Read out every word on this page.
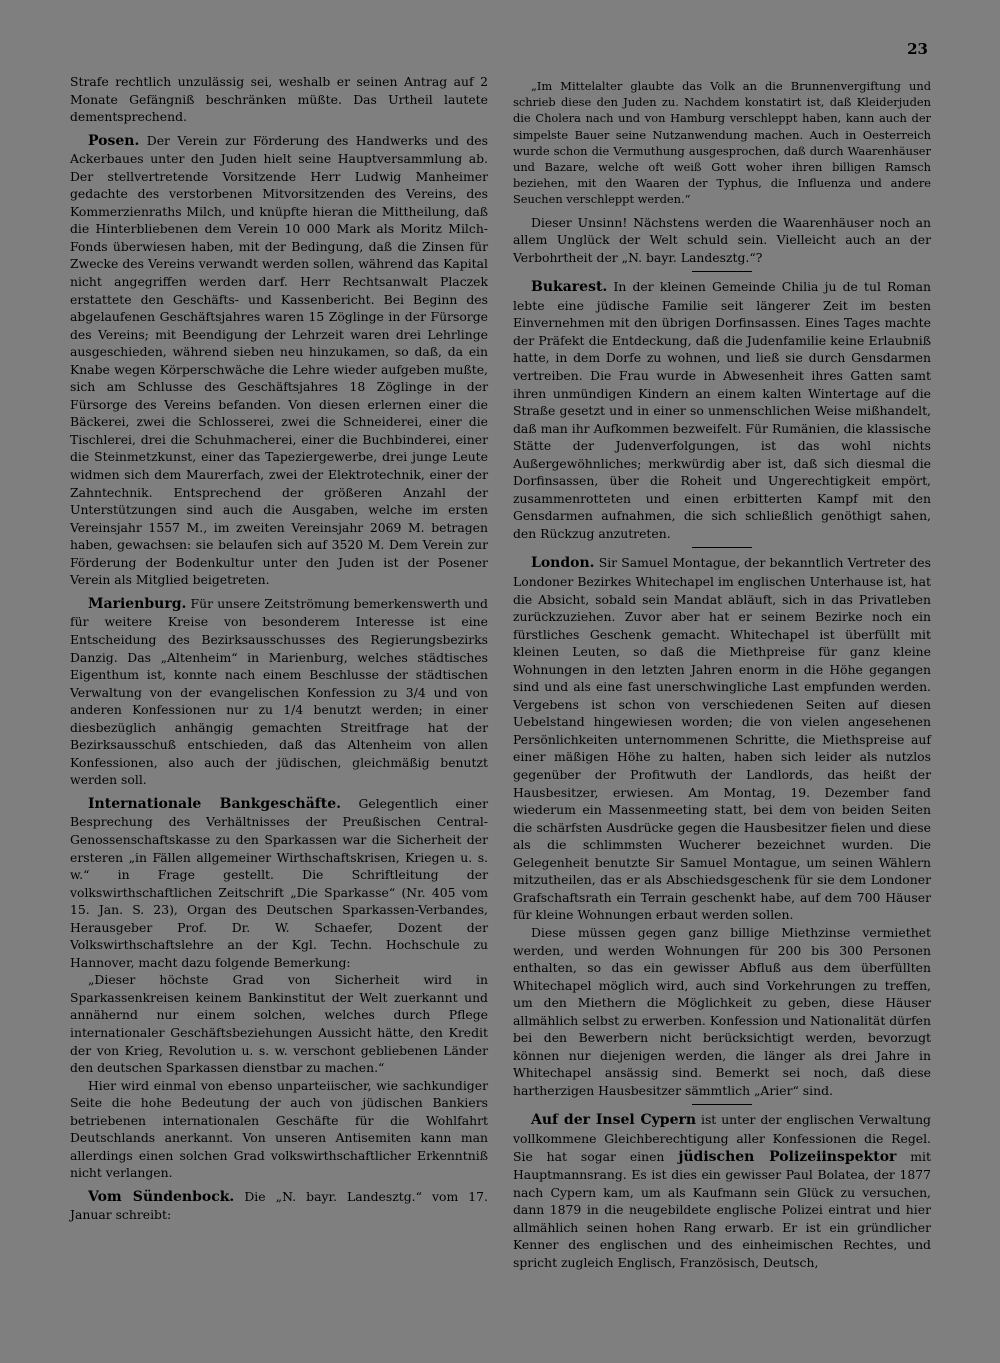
23

Strafe rechtlich unzulässig sei, weshalb er seinen Antrag auf 2 Monate Gefängniß beschränken müßte. Das Urtheil lautete dementsprechend.

Posen. Der Verein zur Förderung des Handwerks und des Ackerbaues unter den Juden hielt seine Hauptversammlung ab. Der stellvertretende Vorsitzende Herr Ludwig Manheimer gedachte des verstorbenen Mitvorsitzenden des Vereins, des Kommerzienraths Milch, und knüpfte hieran die Mittheilung, daß die Hinterbliebenen dem Verein 10 000 Mark als Moritz Milch-Fonds überwiesen haben, mit der Bedingung, daß die Zinsen für Zwecke des Vereins verwandt werden sollen, während das Kapital nicht angegriffen werden darf. Herr Rechtsanwalt Placzek erstattete den Geschäfts- und Kassenbericht. Bei Beginn des abgelaufenen Geschäftsjahres waren 15 Zöglinge in der Fürsorge des Vereins; mit Beendigung der Lehrzeit waren drei Lehrlinge ausgeschieden, während sieben neu hinzukamen, so daß, da ein Knabe wegen Körperschwäche die Lehre wieder aufgeben mußte, sich am Schlusse des Geschäftsjahres 18 Zöglinge in der Fürsorge des Vereins befanden. Von diesen erlernen einer die Bäckerei, zwei die Schlosserei, zwei die Schneiderei, einer die Tischlerei, drei die Schuhmacherei, einer die Buchbinderei, einer die Steinmetzkunst, einer das Tapeziergewerbe, drei junge Leute widmen sich dem Maurerfach, zwei der Elektrotechnik, einer der Zahntechnik. Entsprechend der größeren Anzahl der Unterstützungen sind auch die Ausgaben, welche im ersten Vereinsjahr 1557 M., im zweiten Vereinsjahr 2069 M. betragen haben, gewachsen: sie belaufen sich auf 3520 M. Dem Verein zur Förderung der Bodenkultur unter den Juden ist der Posener Verein als Mitglied beigetreten.

Marienburg. Für unsere Zeitströmung bemerkenswerth und für weitere Kreise von besonderem Interesse ist eine Entscheidung des Bezirksausschusses des Regierungsbezirks Danzig. Das „Altenheim“ in Marienburg, welches städtisches Eigenthum ist, konnte nach einem Beschlusse der städtischen Verwaltung von der evangelischen Konfession zu 3/4 und von anderen Konfessionen nur zu 1/4 benutzt werden; in einer diesbezüglich anhängig gemachten Streitfrage hat der Bezirksausschuß entschieden, daß das Altenheim von allen Konfessionen, also auch der jüdischen, gleichmäßig benutzt werden soll.

Internationale Bankgeschäfte. Gelegentlich einer Besprechung des Verhältnisses der Preußischen Central-Genossenschaftskasse zu den Sparkassen war die Sicherheit der ersteren „in Fällen allgemeiner Wirthschaftskrisen, Kriegen u. s. w.“ in Frage gestellt. Die Schriftleitung der volkswirthschaftlichen Zeitschrift „Die Sparkasse“ (Nr. 405 vom 15. Jan. S. 23), Organ des Deutschen Sparkassen-Verbandes, Herausgeber Prof. Dr. W. Schaefer, Dozent der Volkswirthschaftslehre an der Kgl. Techn. Hochschule zu Hannover, macht dazu folgende Bemerkung:

„Dieser höchste Grad von Sicherheit wird in Sparkassenkreisen keinem Bankinstitut der Welt zuerkannt und annähernd nur einem solchen, welches durch Pflege internationaler Geschäftsbeziehungen Aussicht hätte, den Kredit der von Krieg, Revolution u. s. w. verschont gebliebenen Länder den deutschen Sparkassen dienstbar zu machen.“

Hier wird einmal von ebenso unparteiischer, wie sachkundiger Seite die hohe Bedeutung der auch von jüdischen Bankiers betriebenen internationalen Geschäfte für die Wohlfahrt Deutschlands anerkannt. Von unseren Antisemiten kann man allerdings einen solchen Grad volkswirthschaftlicher Erkenntniß nicht verlangen.

Vom Sündenbock. Die „N. bayr. Landesztg.“ vom 17. Januar schreibt:

„Im Mittelalter glaubte das Volk an die Brunnenvergiftung und schrieb diese den Juden zu. Nachdem konstatirt ist, daß Kleiderjuden die Cholera nach und von Hamburg verschleppt haben, kann auch der simpelste Bauer seine Nutzanwendung machen. Auch in Oesterreich wurde schon die Vermuthung ausgesprochen, daß durch Waarenhäuser und Bazare, welche oft weiß Gott woher ihren billigen Ramsch beziehen, mit den Waaren der Typhus, die Influenza und andere Seuchen verschleppt werden.“

Dieser Unsinn! Nächstens werden die Waarenhäuser noch an allem Unglück der Welt schuld sein. Vielleicht auch an der Verbohrtheit der „N. bayr. Landesztg.“?

Bukarest. In der kleinen Gemeinde Chilia ju de tul Roman lebte eine jüdische Familie seit längerer Zeit im besten Einvernehmen mit den übrigen Dorfinsassen. Eines Tages machte der Präfekt die Entdeckung, daß die Judenfamilie keine Erlaubniß hatte, in dem Dorfe zu wohnen, und ließ sie durch Gensdarmen vertreiben. Die Frau wurde in Abwesenheit ihres Gatten samt ihren unmündigen Kindern an einem kalten Wintertage auf die Straße gesetzt und in einer so unmenschlichen Weise mißhandelt, daß man ihr Aufkommen bezweifelt. Für Rumänien, die klassische Stätte der Judenverfolgungen, ist das wohl nichts Außergewöhnliches; merkwürdig aber ist, daß sich diesmal die Dorfinsassen, über die Roheit und Ungerechtigkeit empört, zusammenrotteten und einen erbitterten Kampf mit den Gensdarmen aufnahmen, die sich schließlich genöthigt sahen, den Rückzug anzutreten.

London. Sir Samuel Montague, der bekanntlich Vertreter des Londoner Bezirkes Whitechapel im englischen Unterhause ist, hat die Absicht, sobald sein Mandat abläuft, sich in das Privatleben zurückzuziehen. Zuvor aber hat er seinem Bezirke noch ein fürstliches Geschenk gemacht. Whitechapel ist überfüllt mit kleinen Leuten, so daß die Miethpreise für ganz kleine Wohnungen in den letzten Jahren enorm in die Höhe gegangen sind und als eine fast unerschwingliche Last empfunden werden. Vergebens ist schon von verschiedenen Seiten auf diesen Uebelstand hingewiesen worden; die von vielen angesehenen Persönlichkeiten unternommenen Schritte, die Miethspreise auf einer mäßigen Höhe zu halten, haben sich leider als nutzlos gegenüber der Profitwuth der Landlords, das heißt der Hausbesitzer, erwiesen. Am Montag, 19. Dezember fand wiederum ein Massenmeeting statt, bei dem von beiden Seiten die schärfsten Ausdrücke gegen die Hausbesitzer fielen und diese als die schlimmsten Wucherer bezeichnet wurden. Die Gelegenheit benutzte Sir Samuel Montague, um seinen Wählern mitzutheilen, das er als Abschiedsgeschenk für sie dem Londoner Grafschaftsrath ein Terrain geschenkt habe, auf dem 700 Häuser für kleine Wohnungen erbaut werden sollen.

Diese müssen gegen ganz billige Miethzinse vermiethet werden, und werden Wohnungen für 200 bis 300 Personen enthalten, so das ein gewisser Abfluß aus dem überfüllten Whitechapel möglich wird, auch sind Vorkehrungen zu treffen, um den Miethern die Möglichkeit zu geben, diese Häuser allmählich selbst zu erwerben. Konfession und Nationalität dürfen bei den Bewerbern nicht berücksichtigt werden, bevorzugt können nur diejenigen werden, die länger als drei Jahre in Whitechapel ansässig sind. Bemerkt sei noch, daß diese hartherzigen Hausbesitzer sämmtlich „Arier“ sind.

Auf der Insel Cypern ist unter der englischen Verwaltung vollkommene Gleichberechtigung aller Konfessionen die Regel. Sie hat sogar einen jüdischen Polizeiinspektor mit Hauptmannsrang. Es ist dies ein gewisser Paul Bolatea, der 1877 nach Cypern kam, um als Kaufmann sein Glück zu versuchen, dann 1879 in die neugebildete englische Polizei eintrat und hier allmählich seinen hohen Rang erwarb. Er ist ein gründlicher Kenner des englischen und des einheimischen Rechtes, und spricht zugleich Englisch, Französisch, Deutsch,
